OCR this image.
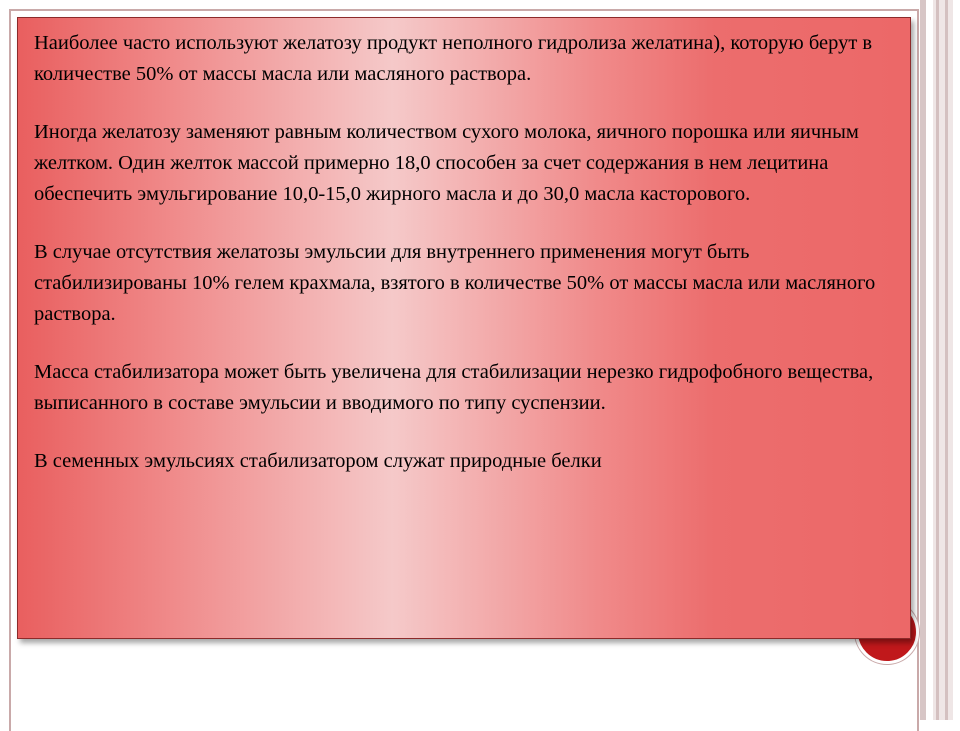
Наиболее часто используют желатозу продукт неполного гидролиза желатина), которую берут в количестве 50% от массы масла или масляного раствора.

Иногда желатозу заменяют равным количеством сухого молока, яичного порошка или яичным желтком. Один желток массой примерно 18,0 способен за счет содержания в нем лецитина обеспечить эмульгирование 10,0-15,0 жирного масла и до 30,0 масла касторового.

В случае отсутствия желатозы эмульсии для внутреннего применения могут быть стабилизированы 10% гелем крахмала, взятого в количестве 50% от массы масла или масляного раствора.

Масса стабилизатора может быть увеличена для стабилизации нерезко гидрофобного вещества, выписанного в составе эмульсии и вводимого по типу суспензии.

В семенных эмульсиях стабилизатором служат природные белки
